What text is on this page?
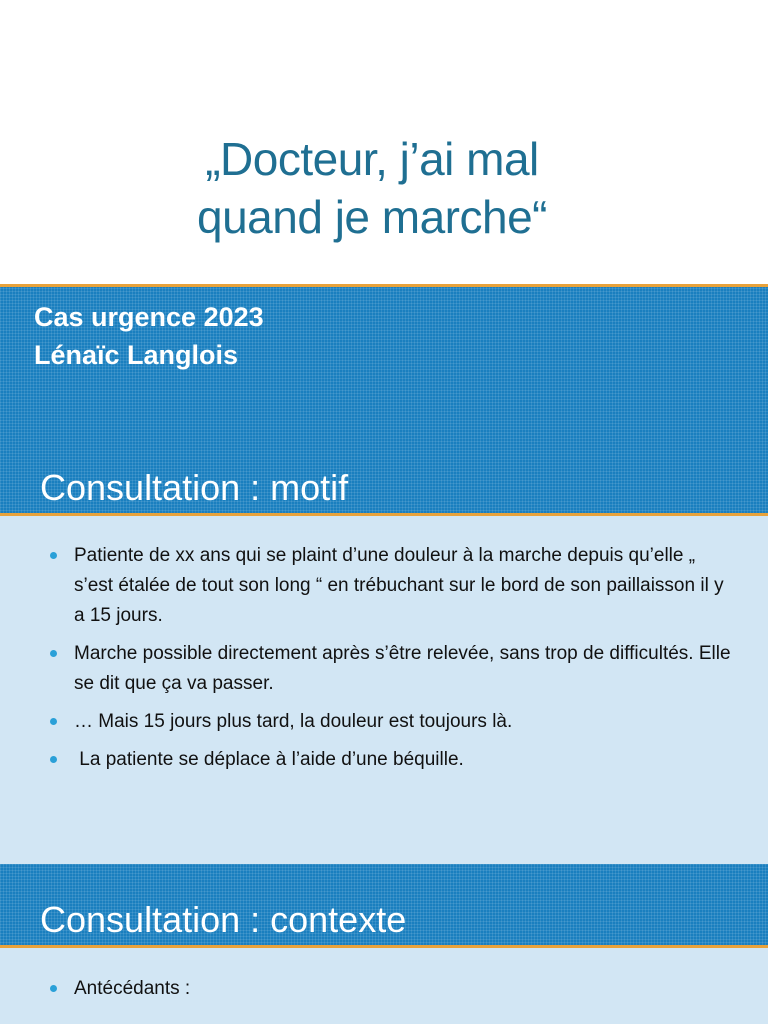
„Docteur, j’ai mal
quand je marche“
Cas urgence 2023
Lénaïc Langlois
Consultation : motif
Patiente de xx ans qui se plaint d’une douleur à la marche depuis qu’elle „ s’est étalée de tout son long “ en trébuchant sur le bord de son paillaisson il y a 15 jours.
Marche possible directement après s’être relevée, sans trop de difficultés. Elle se dit que ça va passer.
… Mais 15 jours plus tard, la douleur est toujours là.
La patiente se déplace à l’aide d’une béquille.
Consultation : contexte
Antécédants :
